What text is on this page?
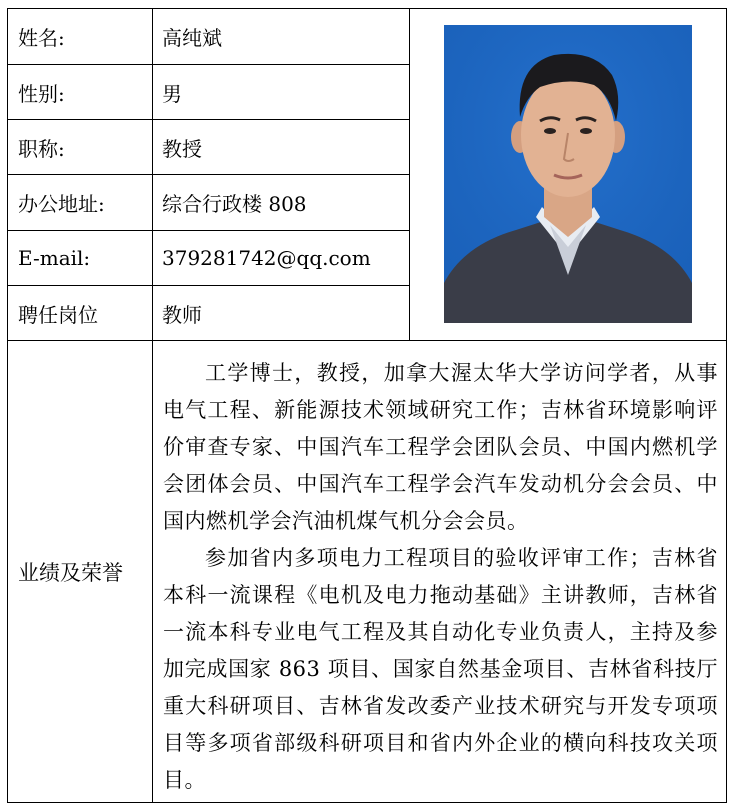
姓名:	高纯斌	
性别:	男	
职称:	教授	
办公地址:	综合行政楼 808	
E-mail:	379281742@qq.com	
聘任岗位	教师	
业绩及荣誉	工学博士，教授，加拿大渥太华大学访问学者，从事电气工程、新能源技术领域研究工作；吉林省环境影响评价审查专家、中国汽车工程学会团队会员、中国内燃机学会团体会员、中国汽车工程学会汽车发动机分会会员、中国内燃机学会汽油机煤气机分会会员。

参加省内多项电力工程项目的验收评审工作；吉林省本科一流课程《电机及电力拖动基础》主讲教师，吉林省一流本科专业电气工程及其自动化专业负责人，主持及参加完成国家 863 项目、国家自然基金项目、吉林省科技厅重大科研项目、吉林省发改委产业技术研究与开发专项项目等多项省部级科研项目和省内外企业的横向科技攻关项目。	
